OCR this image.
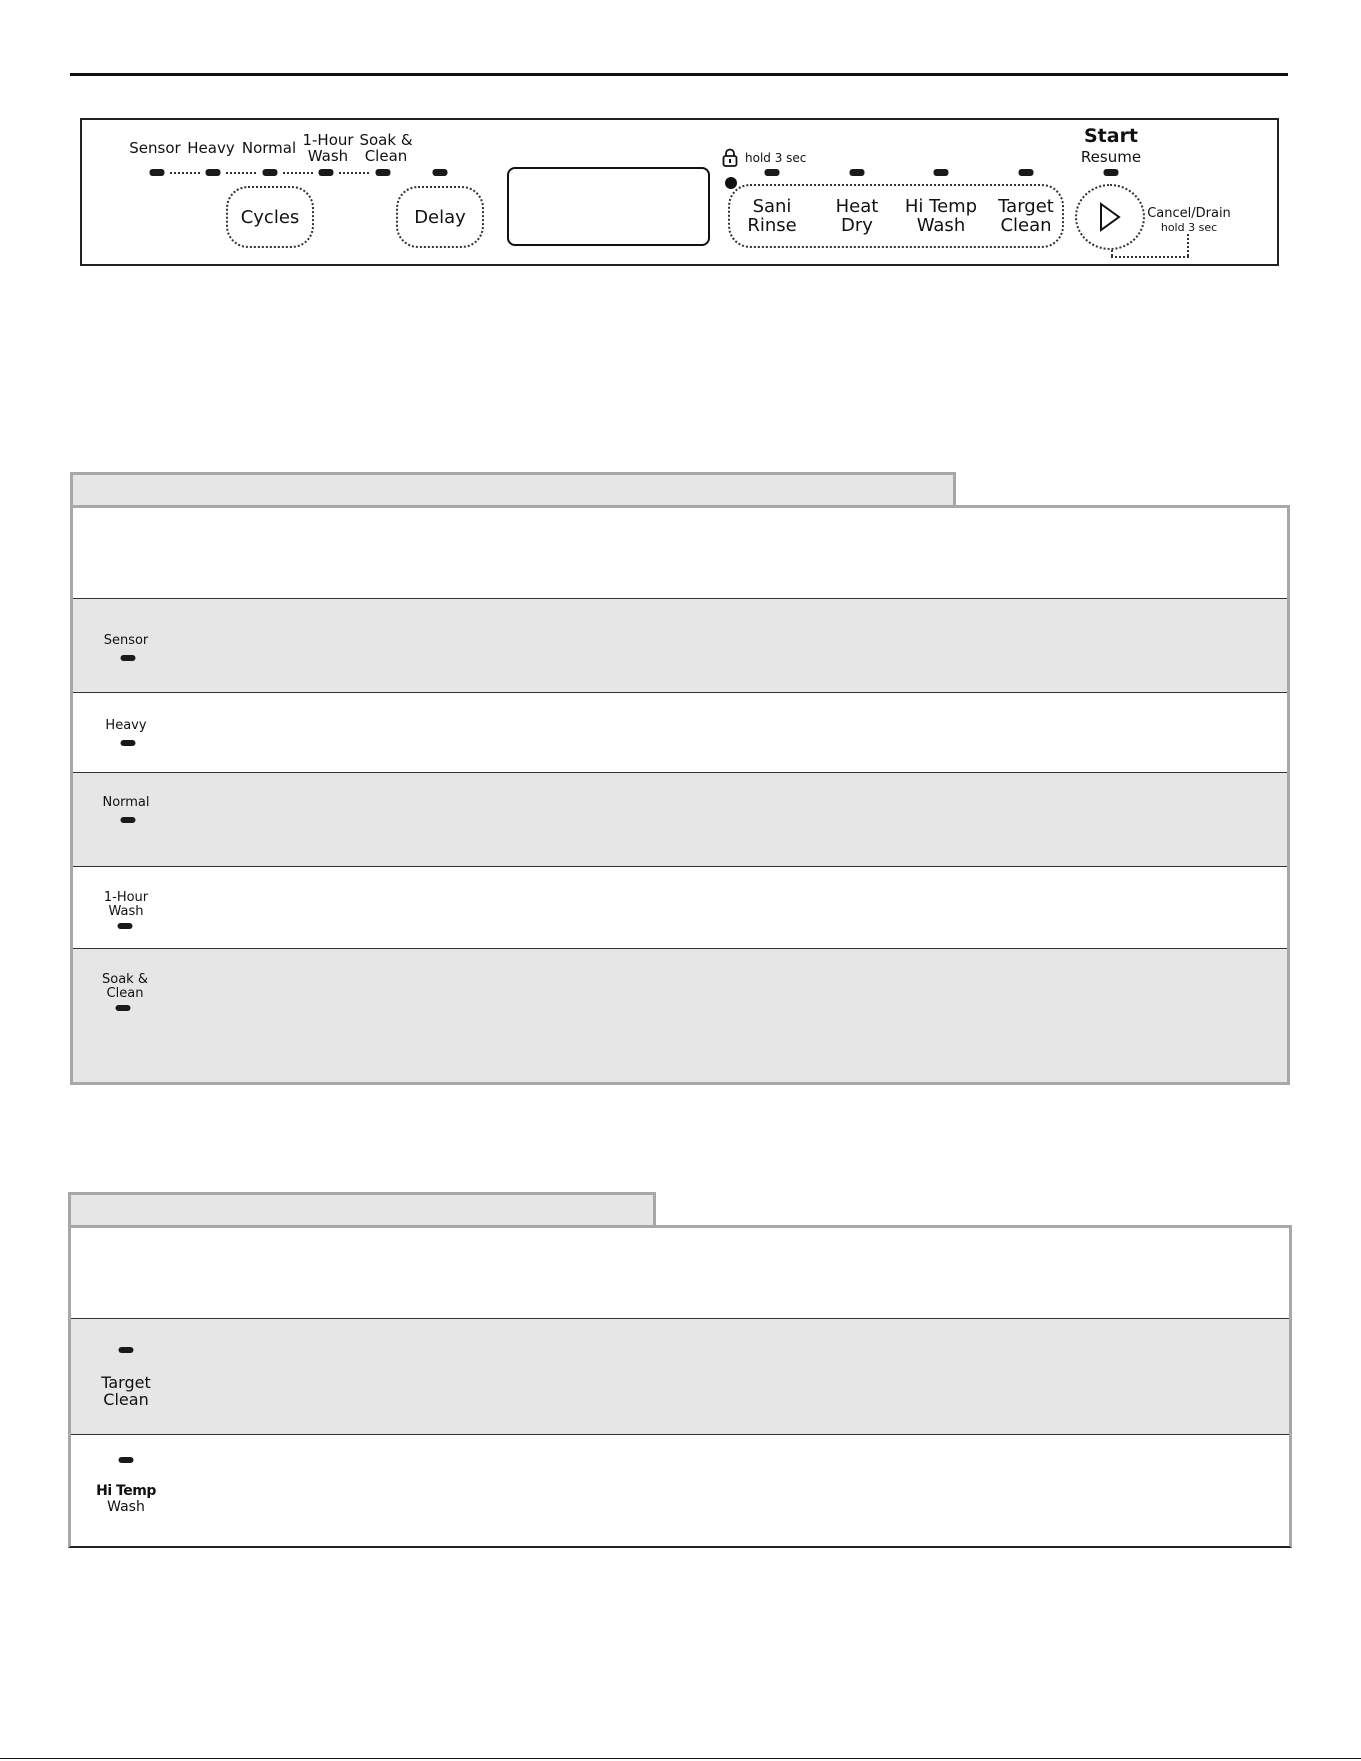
Sensor Heavy Normal 1-Hour
Wash
Soak &
Clean
Cycles	Delay
hold 3 sec
Sani
Rinse
Heat
Dry
Hi Temp
Wash
Target
Clean
Start
Resume
Cancel/Drain
hold 3 sec
Sensor
Heavy
Normal
1-Hour
Wash
Soak &
Clean
Target
Clean
Hi Temp
Wash
